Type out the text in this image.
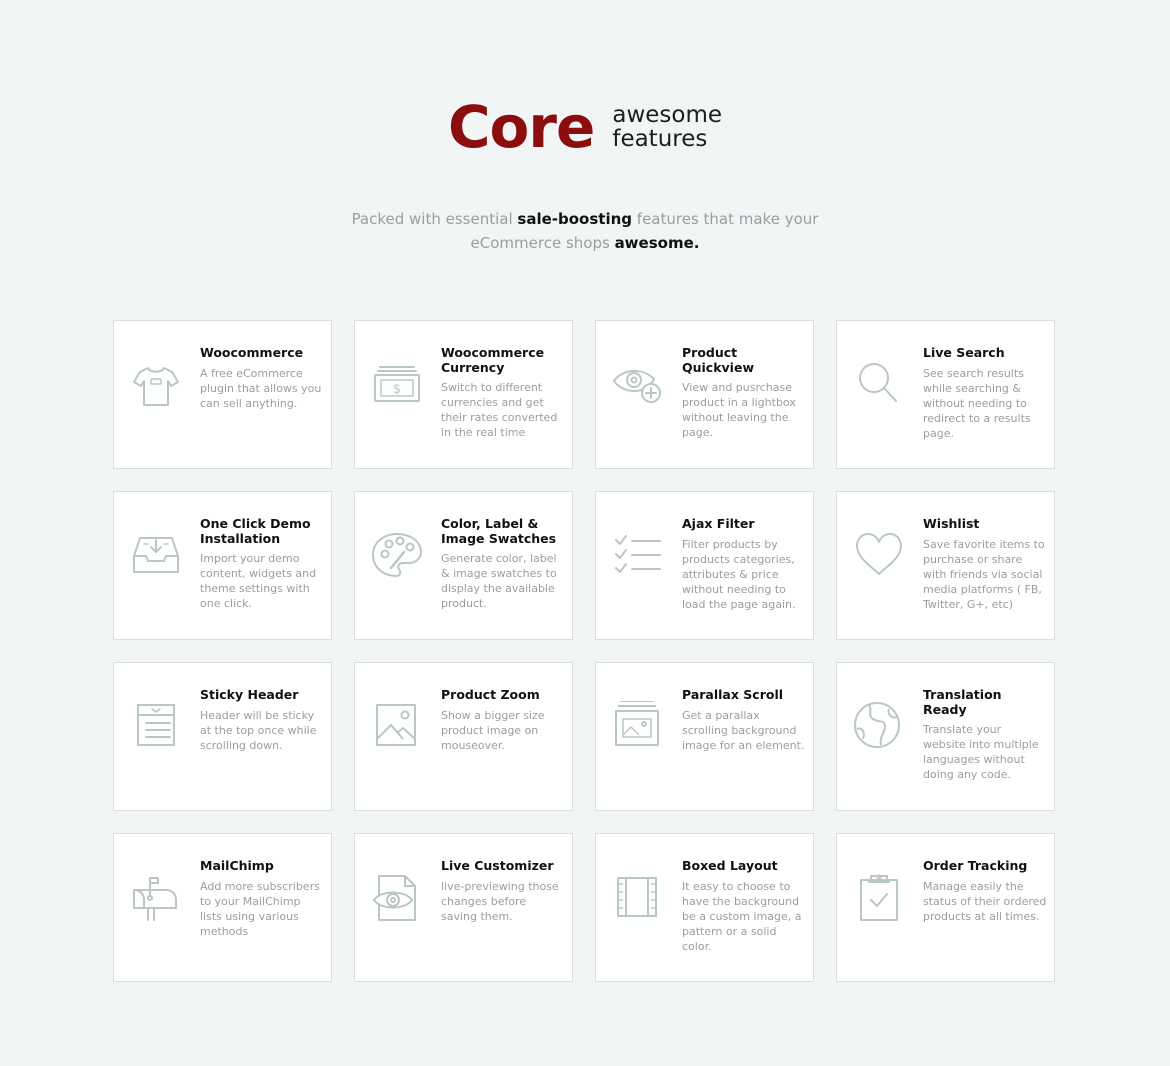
Core awesome
features
Packed with essential sale-boosting features that make your
eCommerce shops awesome.
Woocommerce
A free eCommerce plugin that allows you can sell anything.
$
Woocommerce Currency
Switch to different currencies and get their rates converted in the real time
Product Quickview
View and pusrchase product in a lightbox without leaving the page.
Live Search
See search results while searching & without needing to redirect to a results page.
One Click Demo Installation
Import your demo content, widgets and theme settings with one click.
Color, Label & Image Swatches
Generate color, label & image swatches to display the available product.
Ajax Filter
Filter products by products categories, attributes & price without needing to load the page again.
Wishlist
Save favorite items to purchase or share with friends via social media platforms ( FB, Twitter, G+, etc)
Sticky Header
Header will be sticky at the top once while scrolling down.
Product Zoom
Show a bigger size product image on mouseover.
Parallax Scroll
Get a parallax scrolling background image for an element.
Translation Ready
Translate your website into multiple languages without doing any code.
MailChimp
Add more subscribers to your MailChimp lists using various methods
Live Customizer
live-previewing those changes before saving them.
Boxed Layout
It easy to choose to have the background be a custom image, a pattern or a solid color.
Order Tracking
Manage easily the status of their ordered products at all times.
